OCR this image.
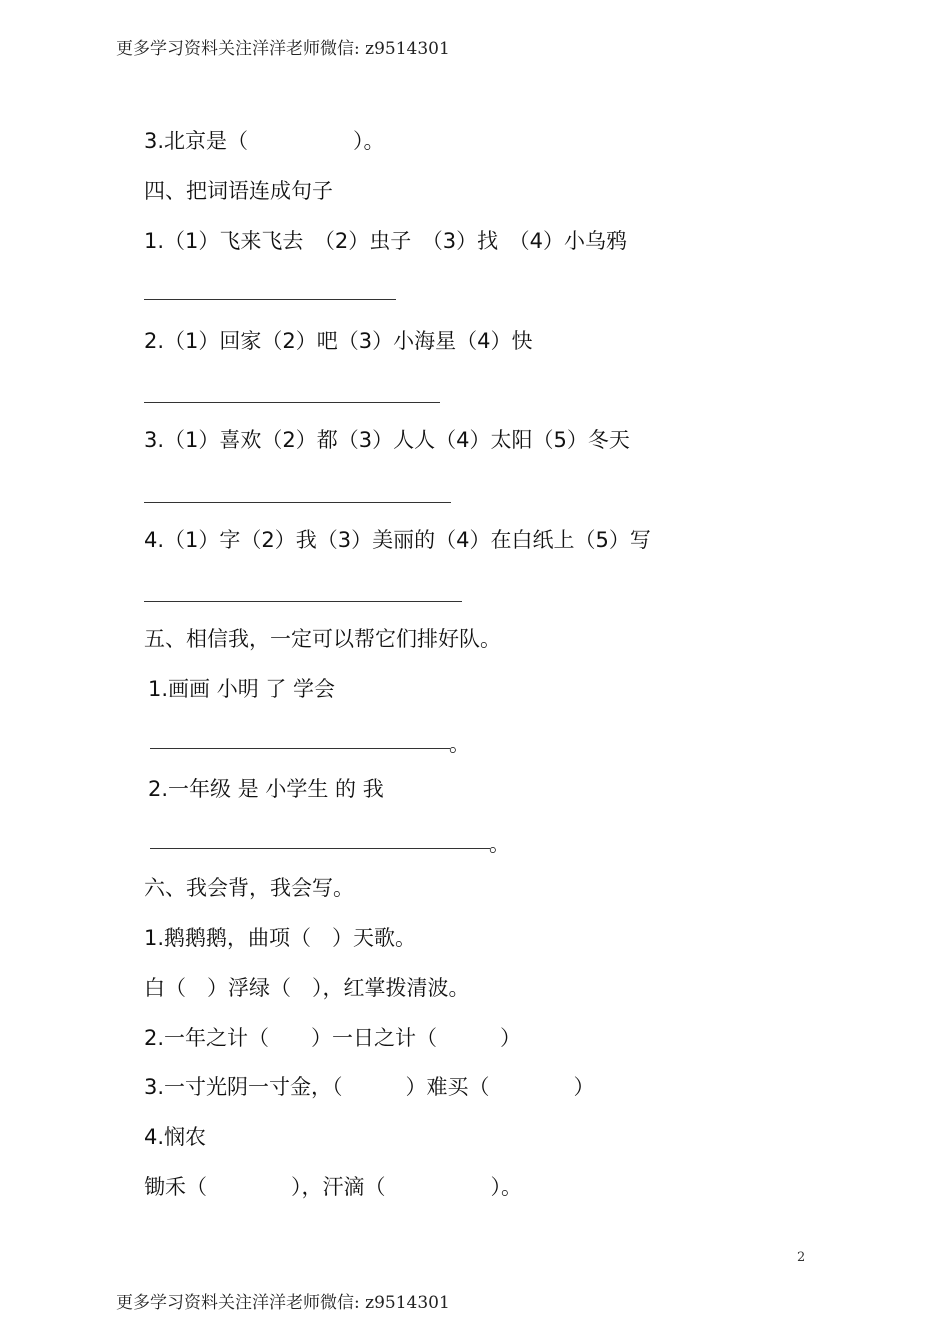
更多学习资料关注洋洋老师微信: z9514301
3.北京是（　　　　　）。
四、把词语连成句子
1.（1）飞来飞去　（2）虫子　（3）找　（4）小乌鸦
2.（1）回家（2）吧（3）小海星（4）快
3.（1）喜欢（2）都（3）人人（4）太阳（5）冬天
4.（1）字（2）我（3）美丽的（4）在白纸上（5）写
五、相信我，一定可以帮它们排好队。
1.画画 小明 了 学会
。
2.一年级 是 小学生 的 我
。
六、我会背，我会写。
1.鹅鹅鹅，曲项（　）天歌。
白（　）浮绿（　），红掌拨清波。
2.一年之计（　　）一日之计（　　　）
3.一寸光阴一寸金，（　　　）难买（　　　　）
4.悯农
锄禾（　　　　），汗滴（　　　　　）。
2
更多学习资料关注洋洋老师微信: z9514301
